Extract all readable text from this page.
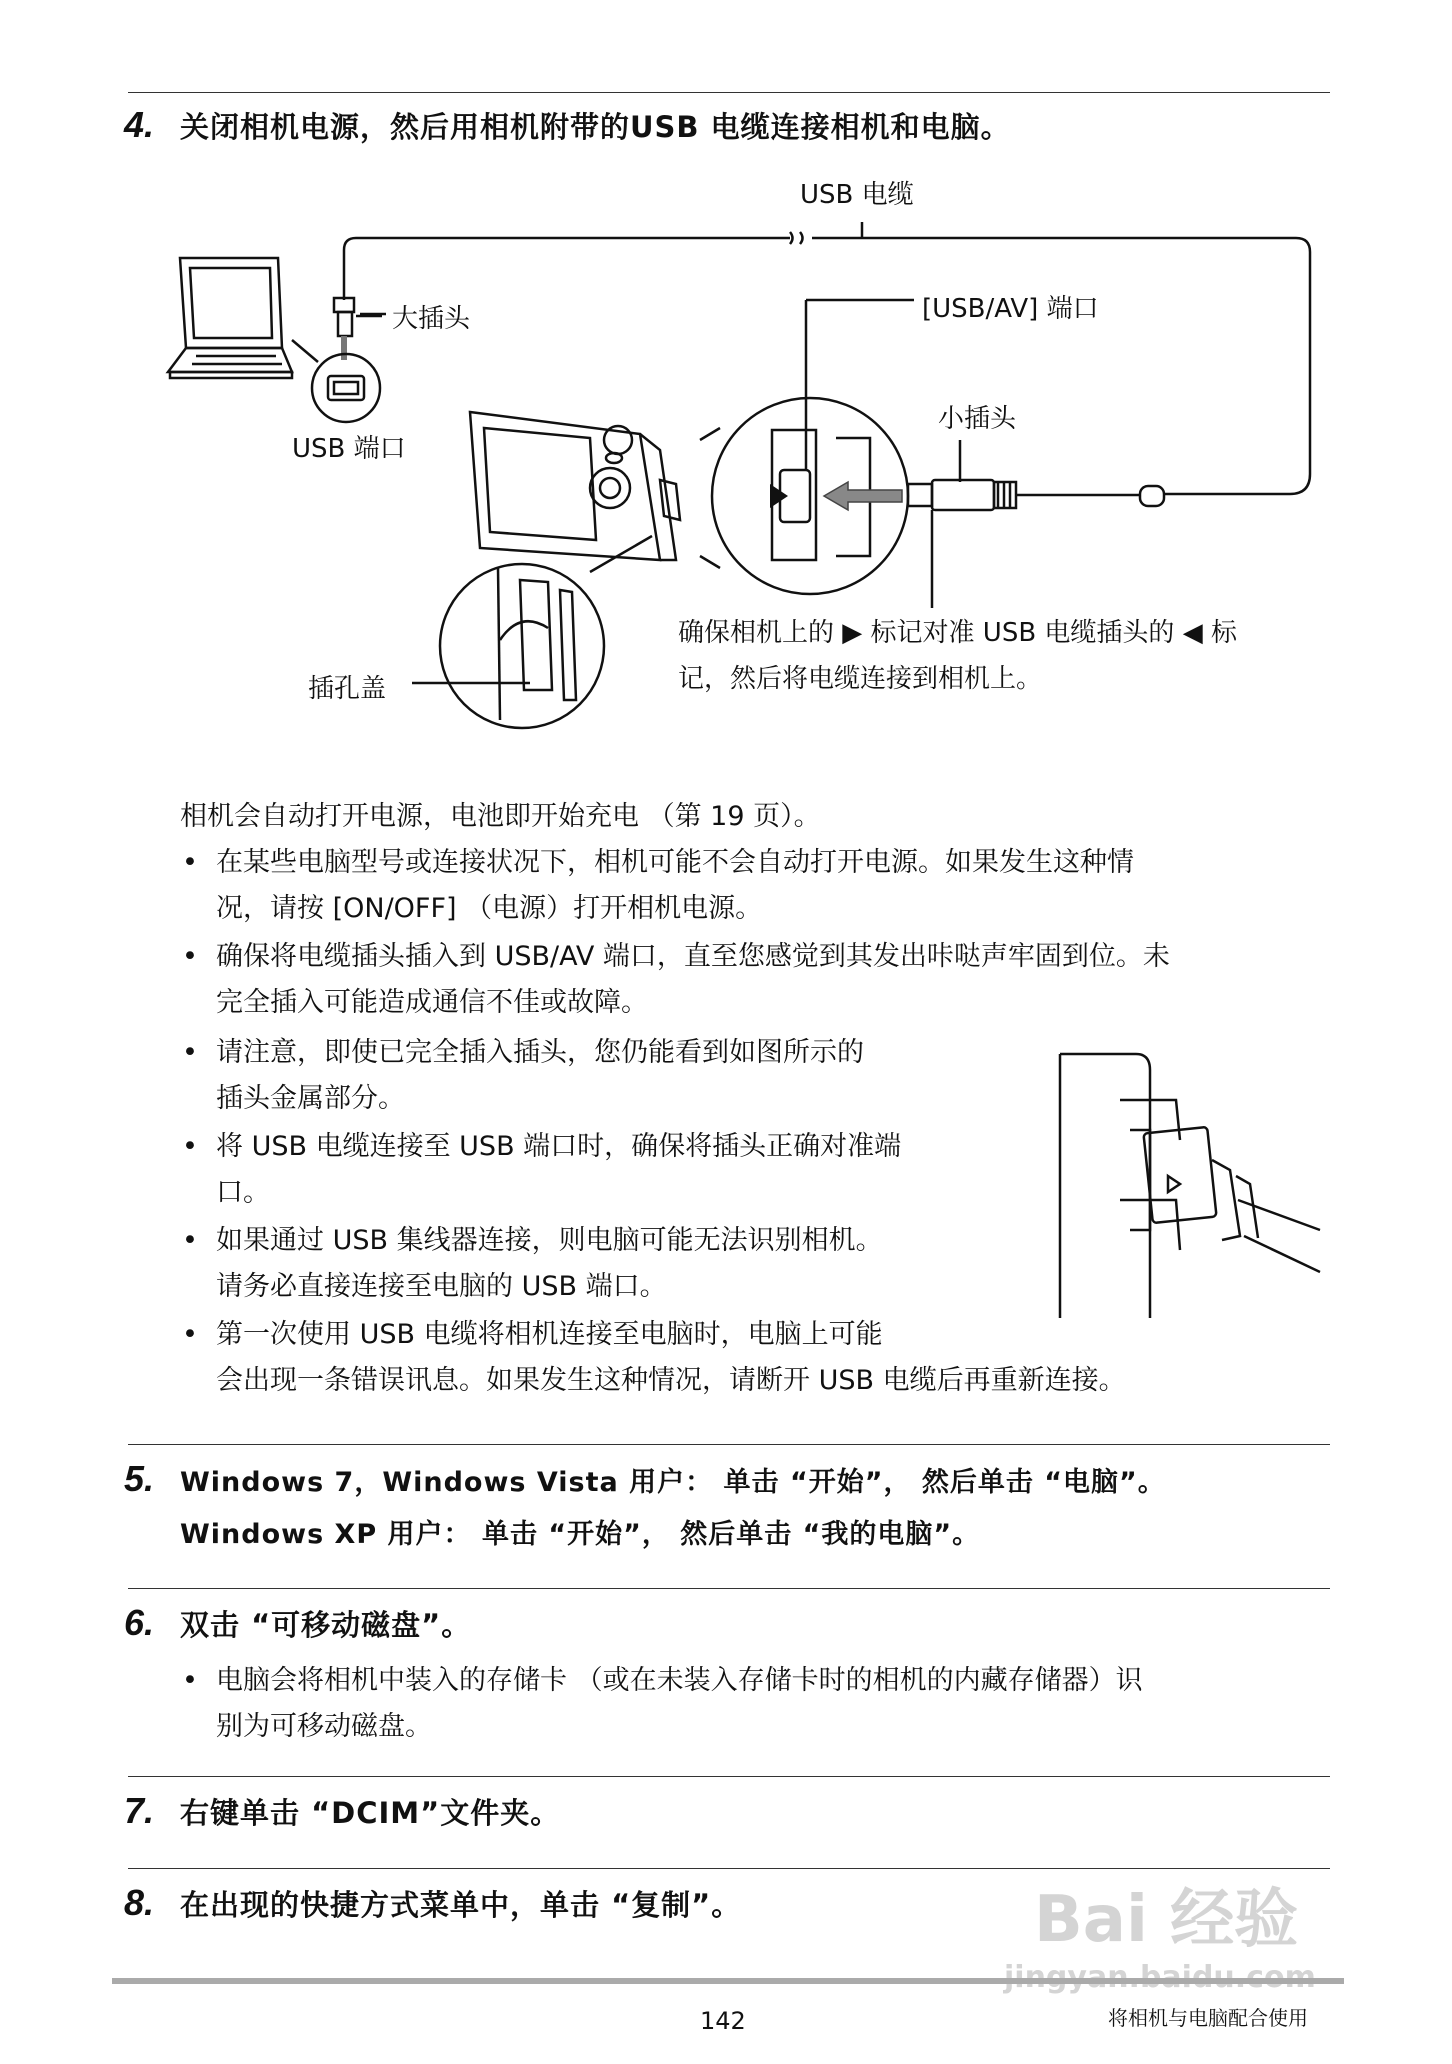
4. 关闭相机电源，然后用相机附带的USB 电缆连接相机和电脑。
USB 电缆
大插头
USB 端口
[USB/AV] 端口
小插头
确保相机上的 ▶ 标记对准 USB 电缆插头的 ◀ 标
记，然后将电缆连接到相机上。
插孔盖
相机会自动打开电源，电池即开始充电 （第 19 页）。
• 在某些电脑型号或连接状况下，相机可能不会自动打开电源。如果发生这种情
况，请按 [ON/OFF] （电源）打开相机电源。
• 确保将电缆插头插入到 USB/AV 端口，直至您感觉到其发出咔哒声牢固到位。未
完全插入可能造成通信不佳或故障。
• 请注意，即使已完全插入插头，您仍能看到如图所示的
插头金属部分。
• 将 USB 电缆连接至 USB 端口时，确保将插头正确对准端
口。
• 如果通过 USB 集线器连接，则电脑可能无法识别相机。
请务必直接连接至电脑的 USB 端口。
• 第一次使用 USB 电缆将相机连接至电脑时，电脑上可能
会出现一条错误讯息。如果发生这种情况，请断开 USB 电缆后再重新连接。
5. Windows 7，Windows Vista 用户： 单击 “开始”， 然后单击 “电脑”。
Windows XP 用户： 单击 “开始”， 然后单击 “我的电脑”。
6. 双击 “可移动磁盘”。
• 电脑会将相机中装入的存储卡 （或在未装入存储卡时的相机的内藏存储器）识
别为可移动磁盘。
7. 右键单击 “DCIM”文件夹。
8. 在出现的快捷方式菜单中，单击 “复制”。	Bai 经验
142	将相机与电脑配合使用
